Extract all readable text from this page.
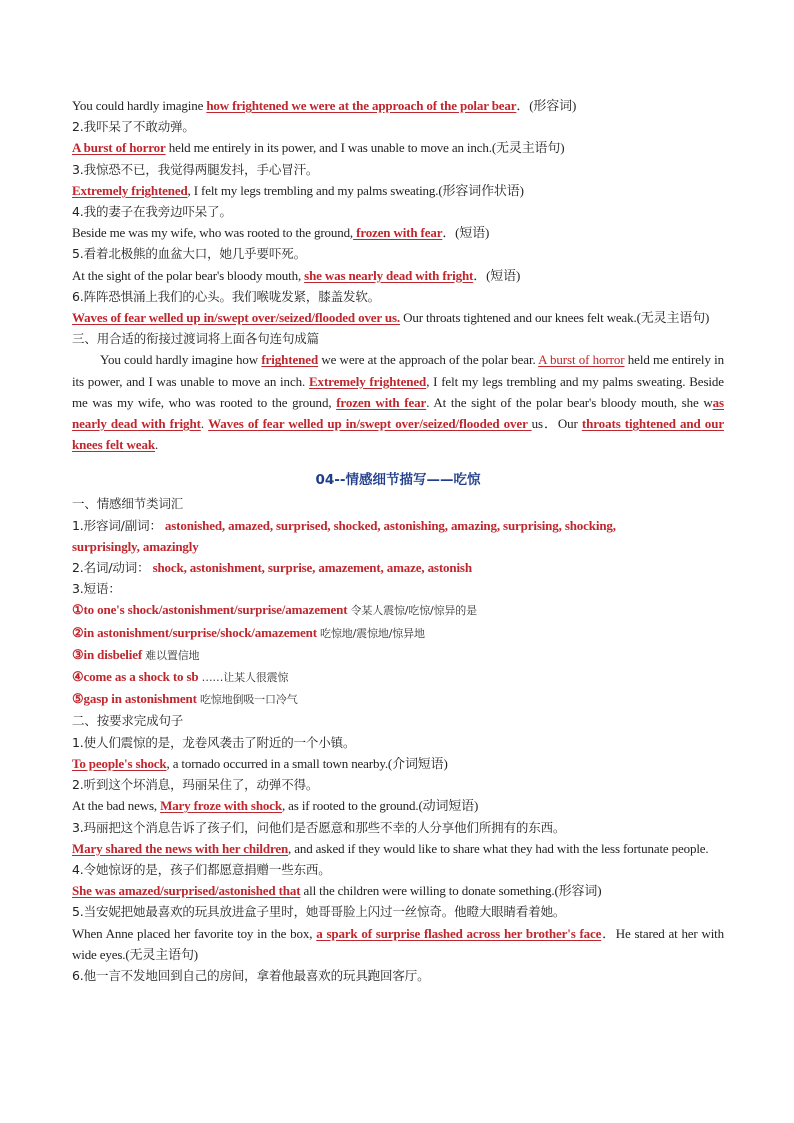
You could hardly imagine how frightened we were at the approach of the polar bear．(形容词)

2.我吓呆了不敢动弹。

A burst of horror held me entirely in its power, and I was unable to move an inch.(无灵主语句)

3.我惊恐不已，我觉得两腿发抖，手心冒汗。

Extremely frightened, I felt my legs trembling and my palms sweating.(形容词作状语)

4.我的妻子在我旁边吓呆了。

Beside me was my wife, who was rooted to the ground, frozen with fear．(短语)

5.看着北极熊的血盆大口，她几乎要吓死。

At the sight of the polar bear's bloody mouth, she was nearly dead with fright．(短语)

6.阵阵恐惧涌上我们的心头。我们喉咙发紧，膝盖发软。

Waves of fear welled up in/swept over/seized/flooded over us. Our throats tightened and our knees felt weak.(无灵主语句)

三、用合适的衔接过渡词将上面各句连句成篇

You could hardly imagine how frightened we were at the approach of the polar bear. A burst of horror held me entirely in its power, and I was unable to move an inch. Extremely frightened, I felt my legs trembling and my palms sweating. Beside me was my wife, who was rooted to the ground, frozen with fear. At the sight of the polar bear's bloody mouth, she was nearly dead with fright. Waves of fear welled up in/swept over/seized/flooded over us．Our throats tightened and our knees felt weak.

04--情感细节描写——吃惊

一、情感细节类词汇

1.形容词/副词： astonished, amazed, surprised, shocked, astonishing, amazing, surprising, shocking,

surprisingly, amazingly

2.名词/动词： shock, astonishment, surprise, amazement, amaze, astonish

3.短语：

①to one's shock/astonishment/surprise/amazement 令某人震惊/吃惊/惊异的是

②in astonishment/surprise/shock/amazement 吃惊地/震惊地/惊异地

③in disbelief 难以置信地

④come as a shock to sb ……让某人很震惊

⑤gasp in astonishment 吃惊地倒吸一口冷气

二、按要求完成句子

1.使人们震惊的是，龙卷风袭击了附近的一个小镇。

To people's shock, a tornado occurred in a small town nearby.(介词短语)

2.听到这个坏消息，玛丽呆住了，动弹不得。

At the bad news, Mary froze with shock, as if rooted to the ground.(动词短语)

3.玛丽把这个消息告诉了孩子们，问他们是否愿意和那些不幸的人分享他们所拥有的东西。

Mary shared the news with her children, and asked if they would like to share what they had with the less fortunate people.

4.令她惊讶的是，孩子们都愿意捐赠一些东西。

She was amazed/surprised/astonished that all the children were willing to donate something.(形容词)

5.当安妮把她最喜欢的玩具放进盒子里时，她哥哥脸上闪过一丝惊奇。他瞪大眼睛看着她。

When Anne placed her favorite toy in the box, a spark of surprise flashed across her brother's face．He stared at her with wide eyes.(无灵主语句)

6.他一言不发地回到自己的房间，拿着他最喜欢的玩具跑回客厅。
